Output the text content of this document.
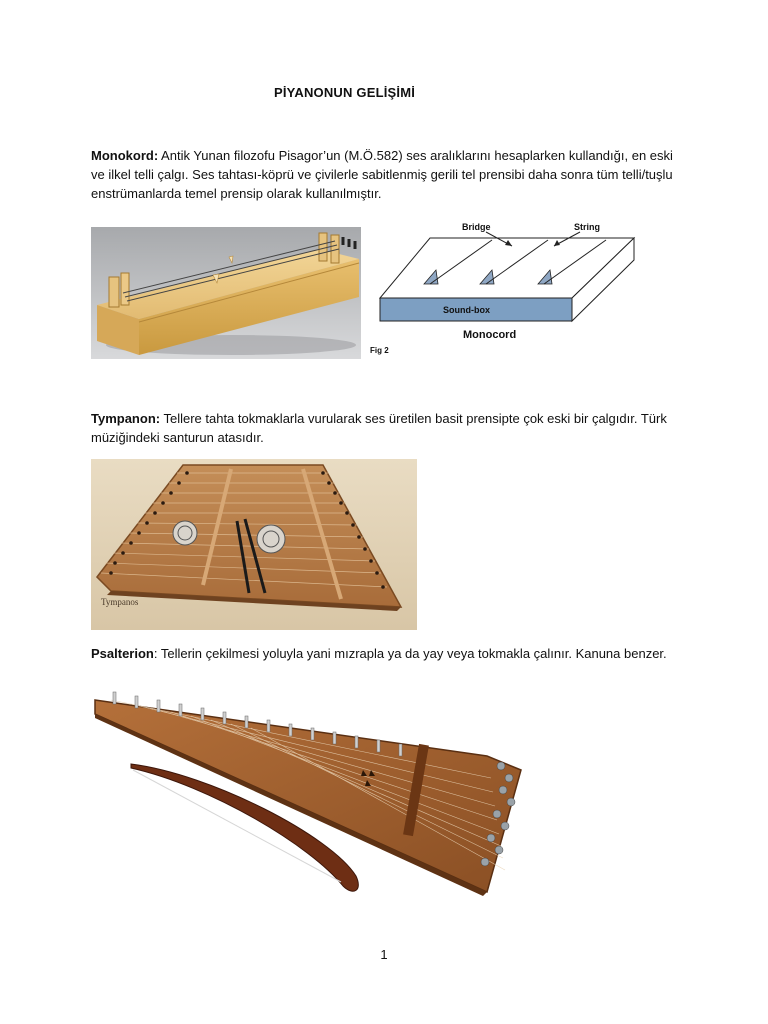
PİYANONUN GELİŞİMİ
Monokord: Antik Yunan filozofu Pisagor’un (M.Ö.582) ses aralıklarını hesaplarken kullandığı, en eski ve ilkel telli çalgı. Ses tahtası-köprü ve çivilerle sabitlenmiş gerili tel prensibi daha sonra tüm telli/tuşlu enstrümanlarda temel prensip olarak kullanılmıştır.
Bridge	String
Sound-box
Monocord
Fig 2
Tympanon: Tellere tahta tokmaklarla vurularak ses üretilen basit prensipte çok eski bir çalgıdır. Türk müziğindeki santurun atasıdır.
Tympanos
Psalterion: Tellerin çekilmesi yoluyla yani mızrapla ya da yay veya tokmakla çalınır. Kanuna benzer.
1
